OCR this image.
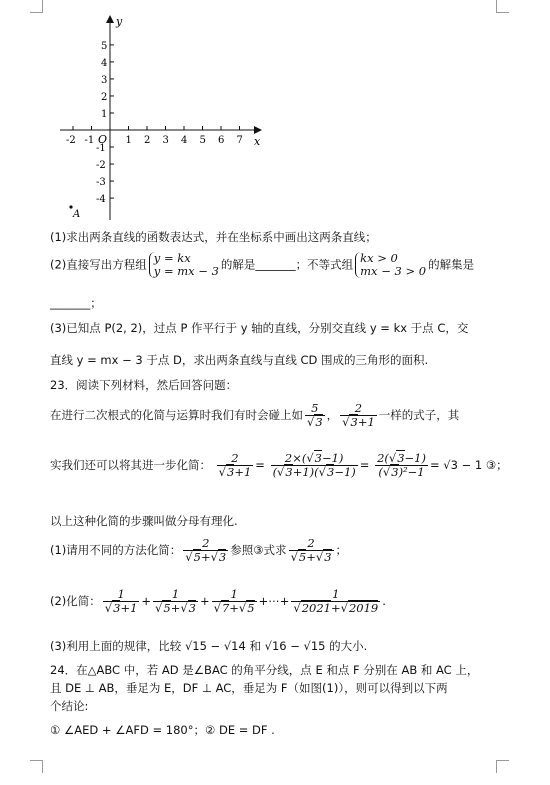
-2 -1	1 2 3 4 5 6 7
5
4
3
2
1
-1
-2
-3
-4
y
x
O
A
(1)求出两条直线的函数表达式，并在坐标系中画出这两条直线；
(2)直接写出方程组 y = kx
y = mx − 3 的解是_______；不等式组 kx > 0
mx − 3 > 0 的解集是
_______；
(3)已知点 P(2, 2)，过点 P 作平行于 y 轴的直线，分别交直线 y = kx 于点 C，交
直线 y = mx − 3 于点 D，求出两条直线与直线 CD 围成的三角形的面积.
23．阅读下列材料，然后回答问题：
在进行二次根式的化简与运算时我们有时会碰上如 $\frac{5}{√3}$ ， $\frac{2}{√3+1}$ 一样的式子，其
实我们还可以将其进一步化简： $\frac{2}{√3+1} = \frac{2\times(√3-1)}{(√3+1)(√3-1)} = \frac{2(√3-1)}{\text{(√3)²−1}} = √3 - 1$ ③；
以上这种化简的步骤叫做分母有理化.
(1)请用不同的方法化简： $\frac{2}{√5+√3}$ 参照③式求 $\frac{2}{√5+√3}$ ；
(2)化简： $\frac{1}{√3+1} + \frac{1}{√5+√3} + \frac{1}{√7+√5}$ +⋯+ $\frac{1}{√2021+√2019}$ .
(3)利用上面的规律，比较 √15 − √14 和 √16 − √15 的大小.
24．在△ABC 中，若 AD 是∠BAC 的角平分线，点 E 和点 F 分别在 AB 和 AC 上，
且 DE ⊥ AB，垂足为 E，DF ⊥ AC，垂足为 F（如图(1)），则可以得到以下两
个结论:
① ∠AED + ∠AFD = 180°；② DE = DF .
